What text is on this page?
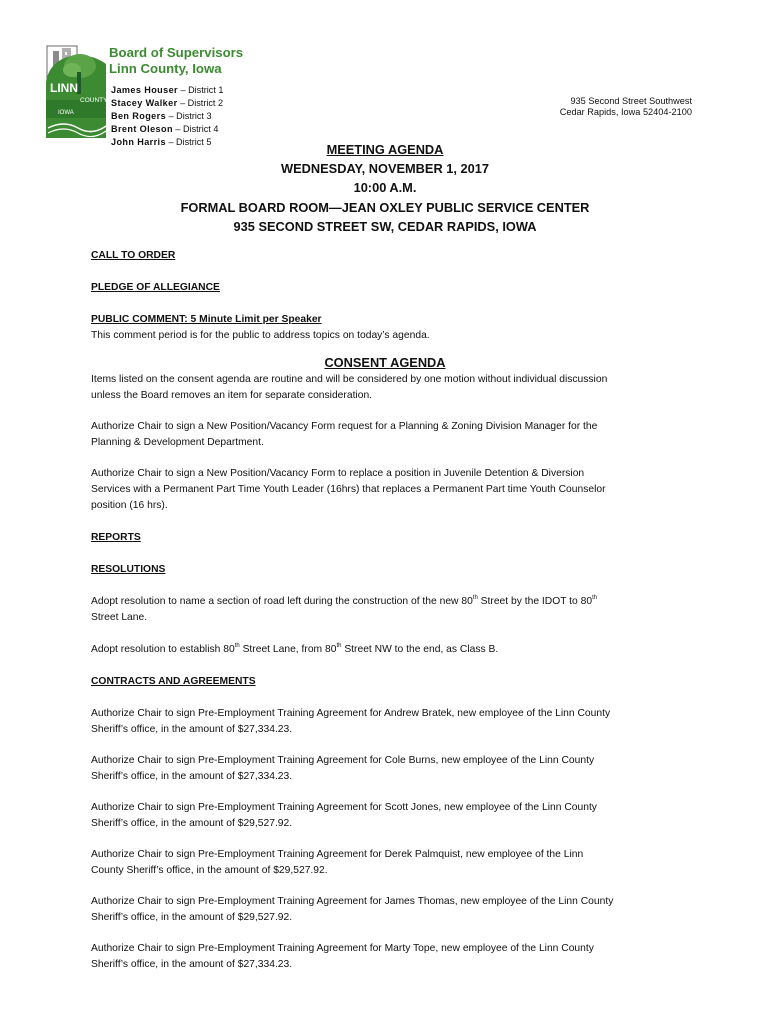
LINN
COUNTY
IOWA
Board of Supervisors
Linn County, Iowa
James Houser – District 1
Stacey Walker – District 2
Ben Rogers – District 3
Brent Oleson – District 4
John Harris – District 5
935 Second Street Southwest
Cedar Rapids, Iowa 52404-2100
MEETING AGENDA
WEDNESDAY, NOVEMBER 1, 2017
10:00 A.M.
FORMAL BOARD ROOM—JEAN OXLEY PUBLIC SERVICE CENTER
935 SECOND STREET SW, CEDAR RAPIDS, IOWA
CALL TO ORDER
PLEDGE OF ALLEGIANCE
PUBLIC COMMENT: 5 Minute Limit per Speaker
This comment period is for the public to address topics on today’s agenda.
CONSENT AGENDA
Items listed on the consent agenda are routine and will be considered by one motion without individual discussion
unless the Board removes an item for separate consideration.
Authorize Chair to sign a New Position/Vacancy Form request for a Planning & Zoning Division Manager for the
Planning & Development Department.
Authorize Chair to sign a New Position/Vacancy Form to replace a position in Juvenile Detention & Diversion
Services with a Permanent Part Time Youth Leader (16hrs) that replaces a Permanent Part time Youth Counselor
position (16 hrs).
REPORTS
RESOLUTIONS
Adopt resolution to name a section of road left during the construction of the new 80th Street by the IDOT to 80th
Street Lane.
Adopt resolution to establish 80th Street Lane, from 80th Street NW to the end, as Class B.
CONTRACTS AND AGREEMENTS
Authorize Chair to sign Pre-Employment Training Agreement for Andrew Bratek, new employee of the Linn County
Sheriff’s office, in the amount of $27,334.23.
Authorize Chair to sign Pre-Employment Training Agreement for Cole Burns, new employee of the Linn County
Sheriff’s office, in the amount of $27,334.23.
Authorize Chair to sign Pre-Employment Training Agreement for Scott Jones, new employee of the Linn County
Sheriff’s office, in the amount of $29,527.92.
Authorize Chair to sign Pre-Employment Training Agreement for Derek Palmquist, new employee of the Linn
County Sheriff’s office, in the amount of $29,527.92.
Authorize Chair to sign Pre-Employment Training Agreement for James Thomas, new employee of the Linn County
Sheriff’s office, in the amount of $29,527.92.
Authorize Chair to sign Pre-Employment Training Agreement for Marty Tope, new employee of the Linn County
Sheriff’s office, in the amount of $27,334.23.
